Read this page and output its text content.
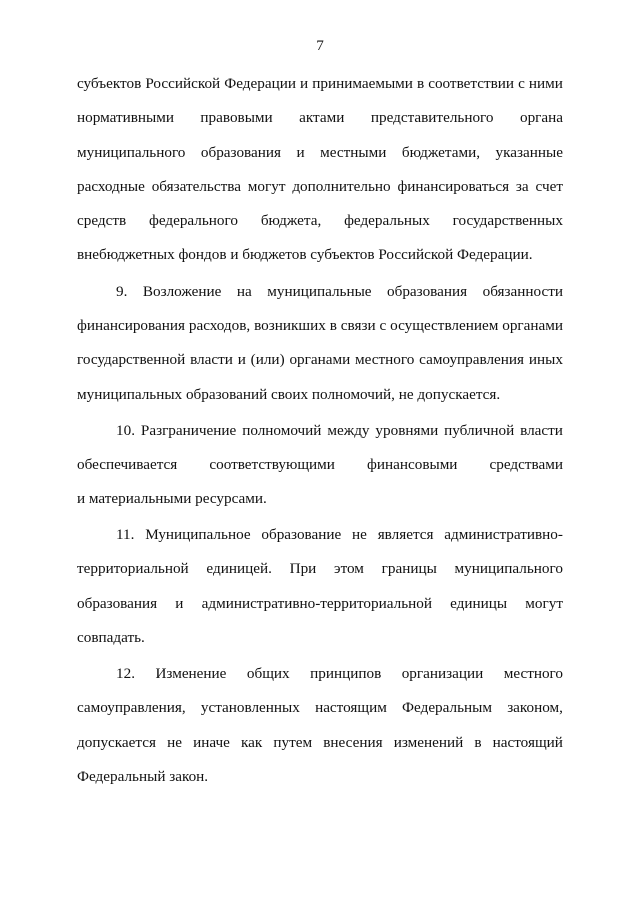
7
субъектов Российской Федерации и принимаемыми в соответствии с ними
нормативными правовыми актами представительного органа
муниципального образования и местными бюджетами, указанные
расходные обязательства могут дополнительно финансироваться за счет
средств федерального бюджета, федеральных государственных
внебюджетных фондов и бюджетов субъектов Российской Федерации.
9. Возложение на муниципальные образования обязанности
финансирования расходов, возникших в связи с осуществлением органами
государственной власти и (или) органами местного самоуправления иных
муниципальных образований своих полномочий, не допускается.
10. Разграничение полномочий между уровнями публичной власти
обеспечивается соответствующими финансовыми средствами
и материальными ресурсами.
11. Муниципальное образование не является административно-
территориальной единицей. При этом границы муниципального
образования и административно-территориальной единицы могут
совпадать.
12. Изменение общих принципов организации местного
самоуправления, установленных настоящим Федеральным законом,
допускается не иначе как путем внесения изменений в настоящий
Федеральный закон.
